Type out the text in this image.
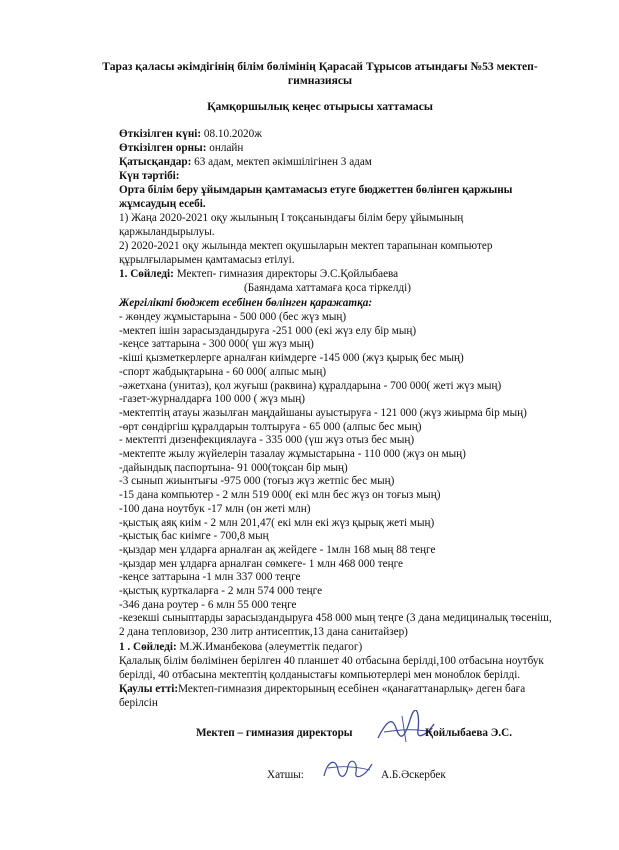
Тараз қаласы әкімдігінің білім бөлімінің Қарасай Тұрысов атындағы №53 мектеп-
гимназиясы
Қамқоршылық кеңес отырысы хаттамасы
Өткізілген күні: 08.10.2020ж
Өткізілген орны: онлайн
Қатысқандар: 63 адам, мектеп әкімшілігінен 3 адам
Күн тәртібі:
Орта білім беру ұйымдарын қамтамасыз етуге бюджеттен бөлінген қаржыны
жұмсаудың есебі.
1) Жаңа 2020-2021 оқу жылының I тоқсанындағы білім беру ұйымының
қаржыландырылуы.
2) 2020-2021 оқу жылында мектеп оқушыларын мектеп тарапынан компьютер
құрылғыларымен қамтамасыз етілуі.
1. Сөйледі: Мектеп- гимназия директоры Э.С.Қойлыбаева
(Баяндама хаттамаға қоса тіркелді)
Жергілікті бюджет есебінен бөлінген қаражатқа:
- жөндеу жұмыстарына - 500 000 (бес жүз мың)
-мектеп ішін зарасыздандыруға -251 000 (екі жүз елу бір мың)
-кеңсе заттарына - 300 000( үш жүз мың)
-кіші қызметкерлерге арналған киімдерге -145 000 (жүз қырық бес мың)
-спорт жабдықтарына - 60 000( алпыс мың)
-әжетхана (унитаз), қол жуғыш (раквина) құралдарына - 700 000( жеті жүз мың)
-газет-журналдарға 100 000 ( жүз мың)
-мектептің атауы жазылған маңдайшаны ауыстыруға - 121 000 (жүз жиырма бір мың)
-өрт сөндіргіш құралдарын толтыруға - 65 000 (алпыс бес мың)
- мектепті дизенфекциялауға - 335 000 (үш жүз отыз бес мың)
-мектепте жылу жүйелерін тазалау жұмыстарына - 110 000 (жүз он мың)
-дайындық паспортына- 91 000(тоқсан бір мың)
-3 сынып жиынтығы -975 000 (тоғыз жүз жетпіс бес мың)
-15 дана компьютер - 2 млн 519 000( екі млн бес жүз он тоғыз мың)
-100 дана ноутбук -17 млн (он жеті млн)
-қыстық аяқ киім - 2 млн 201,47( екі млн екі жүз қырық жеті мың)
-қыстық бас киімге - 700,8 мың
-қыздар мен ұлдарға арналған ақ жейдеге - 1млн 168 мың 88 теңге
-қыздар мен ұлдарға арналған сөмкеге- 1 млн 468 000 теңге
-кеңсе заттарына -1 млн 337 000 теңге
-қыстық курткаларға - 2 млн 574 000 теңге
-346 дана роутер - 6 млн 55 000 теңге
-кезекші сыныптарды зарасыздандыруға 458 000 мың теңге (3 дана медициналық төсеніш,
2 дана тепловизор, 230 литр антисептик,13 дана санитайзер)
1 . Сөйледі: М.Ж.Иманбекова (әлеуметтік педагог)
Қалалық білім бөлімінен берілген 40 планшет 40 отбасына берілді,100 отбасына ноутбук
берілді, 40 отбасына мектептің қолданыстағы компьютерлері мен моноблок берілді.
Қаулы етті:Мектеп-гимназия директорының есебінен «қанағаттанарлық» деген баға
берілсін
Мектеп – гимназия директоры	Қойлыбаева Э.С.
Хатшы:	А.Б.Әскербек
